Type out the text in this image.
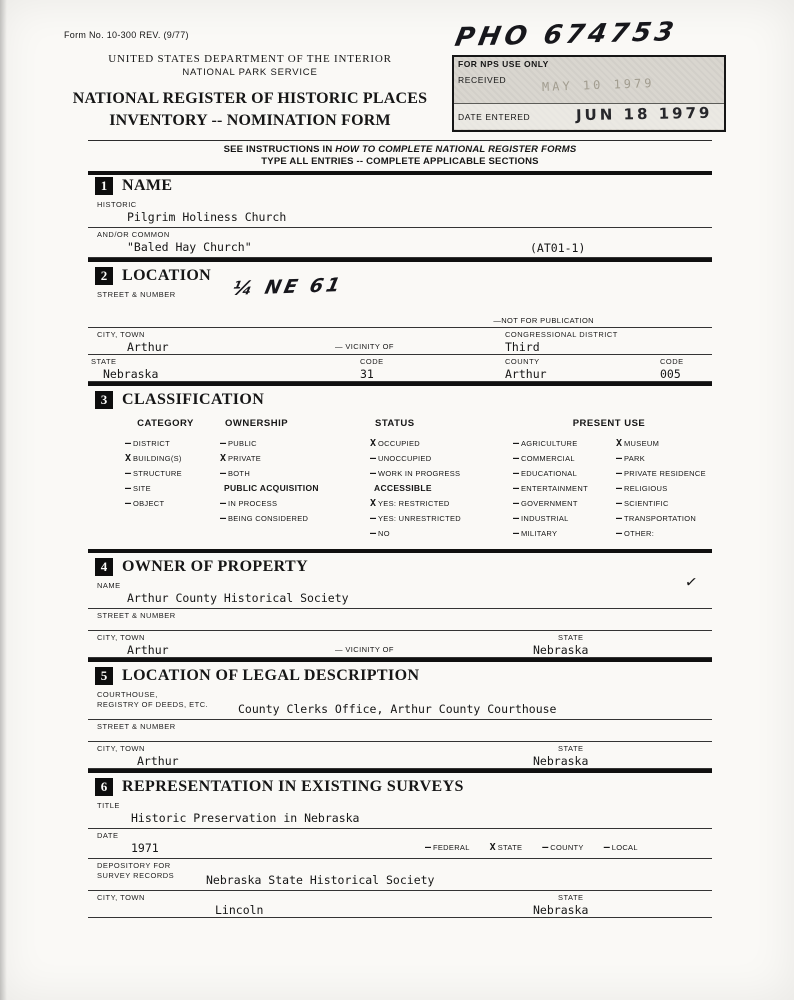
Form No. 10-300 REV. (9/77)
UNITED STATES DEPARTMENT OF THE INTERIOR
NATIONAL PARK SERVICE
NATIONAL REGISTER OF HISTORIC PLACES
INVENTORY -- NOMINATION FORM
PHO 674753
FOR NPS USE ONLY
RECEIVED	MAY 10 1979
DATE ENTERED	JUN 18 1979
SEE INSTRUCTIONS IN HOW TO COMPLETE NATIONAL REGISTER FORMS
TYPE ALL ENTRIES -- COMPLETE APPLICABLE SECTIONS
1 NAME
HISTORIC
Pilgrim Holiness Church
AND/OR COMMON
"Baled Hay Church"	(AT01-1)
2 LOCATION
STREET & NUMBER	¼ NE 61
—NOT FOR PUBLICATION
CITY, TOWN
Arthur	— VICINITY OF
CONGRESSIONAL DISTRICT
Third
STATE
Nebraska
CODE
31
COUNTY
Arthur
CODE
005
3 CLASSIFICATION
CATEGORY
— DISTRICT
X BUILDING(S)
— STRUCTURE
— SITE
— OBJECT
OWNERSHIP
— PUBLIC
X PRIVATE
— BOTH
PUBLIC ACQUISITION
— IN PROCESS
— BEING CONSIDERED
STATUS
X OCCUPIED
— UNOCCUPIED
— WORK IN PROGRESS
ACCESSIBLE
X YES: RESTRICTED
— YES: UNRESTRICTED
— NO
PRESENT USE
— AGRICULTURE
— COMMERCIAL
— EDUCATIONAL
— ENTERTAINMENT
— GOVERNMENT
— INDUSTRIAL
— MILITARY
X MUSEUM
— PARK
— PRIVATE RESIDENCE
— RELIGIOUS
— SCIENTIFIC
— TRANSPORTATION
— OTHER:
4 OWNER OF PROPERTY
NAME	✓
Arthur County Historical Society
STREET & NUMBER
CITY, TOWN
Arthur	— VICINITY OF
STATE
Nebraska
5 LOCATION OF LEGAL DESCRIPTION
COURTHOUSE,
REGISTRY OF DEEDS, ETC.	County Clerks Office, Arthur County Courthouse
STREET & NUMBER
CITY, TOWN
Arthur
STATE
Nebraska
6 REPRESENTATION IN EXISTING SURVEYS
TITLE
Historic Preservation in Nebraska
DATE
1971	— FEDERAL	X STATE	— COUNTY	— LOCAL
DEPOSITORY FOR
SURVEY RECORDS	Nebraska State Historical Society
CITY, TOWN
Lincoln
STATE
Nebraska
